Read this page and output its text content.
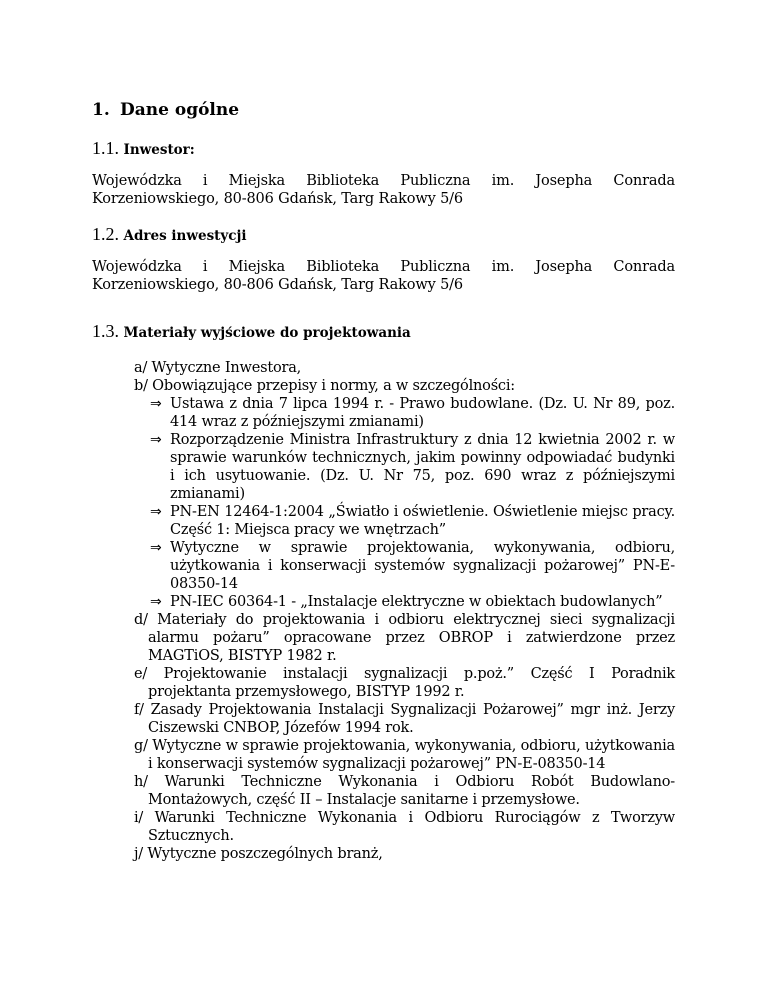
1. Dane ogólne
1.1. Inwestor:
Wojewódzka i Miejska Biblioteka Publiczna im. Josepha Conrada
Korzeniowskiego, 80-806 Gdańsk, Targ Rakowy 5/6
1.2. Adres inwestycji
Wojewódzka i Miejska Biblioteka Publiczna im. Josepha Conrada
Korzeniowskiego, 80-806 Gdańsk, Targ Rakowy 5/6
1.3. Materiały wyjściowe do projektowania

a/ Wytyczne Inwestora,

b/ Obowiązujące przepisy i normy, a w szczególności:

⇒ Ustawa z dnia 7 lipca 1994 r. - Prawo budowlane. (Dz. U. Nr 89, poz. 414 wraz z późniejszymi zmianami)

⇒ Rozporządzenie Ministra Infrastruktury z dnia 12 kwietnia 2002 r. w sprawie warunków technicznych, jakim powinny odpowiadać budynki i ich usytuowanie. (Dz. U. Nr 75, poz. 690 wraz z późniejszymi zmianami)

⇒ PN-EN 12464-1:2004 „Światło i oświetlenie. Oświetlenie miejsc pracy. Część 1: Miejsca pracy we wnętrzach”

⇒ Wytyczne w sprawie projektowania, wykonywania, odbioru, użytkowania i konserwacji systemów sygnalizacji pożarowej” PN-E-08350-14

⇒ PN-IEC 60364-1 - „Instalacje elektryczne w obiektach budowlanych”

d/ Materiały do projektowania i odbioru elektrycznej sieci sygnalizacji alarmu pożaru” opracowane przez OBROP i zatwierdzone przez MAGTiOS, BISTYP 1982 r.

e/ Projektowanie instalacji sygnalizacji p.poż.” Część I Poradnik projektanta przemysłowego, BISTYP 1992 r.

f/ Zasady Projektowania Instalacji Sygnalizacji Pożarowej” mgr inż. Jerzy Ciszewski CNBOP, Józefów 1994 rok.

g/ Wytyczne w sprawie projektowania, wykonywania, odbioru, użytkowania i konserwacji systemów sygnalizacji pożarowej” PN-E-08350-14

h/ Warunki Techniczne Wykonania i Odbioru Robót Budowlano-Montażowych, część II – Instalacje sanitarne i przemysłowe.

i/ Warunki Techniczne Wykonania i Odbioru Rurociągów z Tworzyw Sztucznych.

j/ Wytyczne poszczególnych branż,
